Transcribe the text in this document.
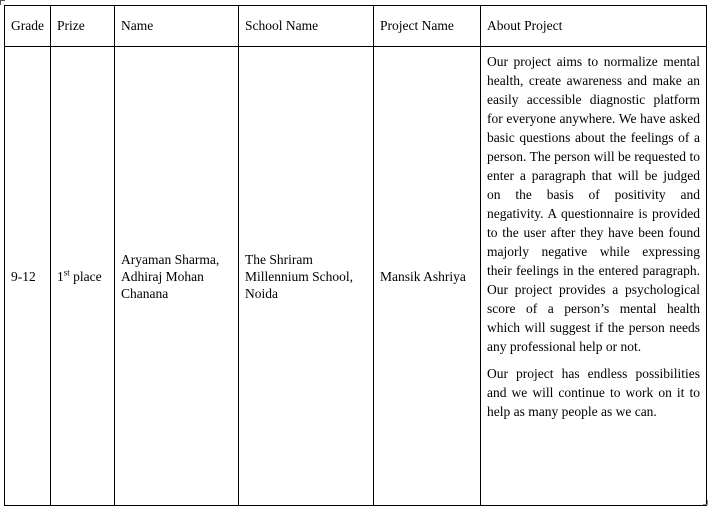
Grade	Prize	Name	School Name	Project Name	About Project
9-12	1st place	Aryaman Sharma, Adhiraj Mohan Chanana	The Shriram Millennium School, Noida	Mansik Ashriya	Our project aims to normalize mental health, create awareness and make an easily accessible diagnostic platform for everyone anywhere. We have asked basic questions about the feelings of a person. The person will be requested to enter a paragraph that will be judged on the basis of positivity and negativity. A questionnaire is provided to the user after they have been found majorly negative while expressing their feelings in the entered paragraph. Our project provides a psychological score of a person’s mental health which will suggest if the person needs any professional help or not.

Our project has endless possibilities and we will continue to work on it to help as many people as we can.
